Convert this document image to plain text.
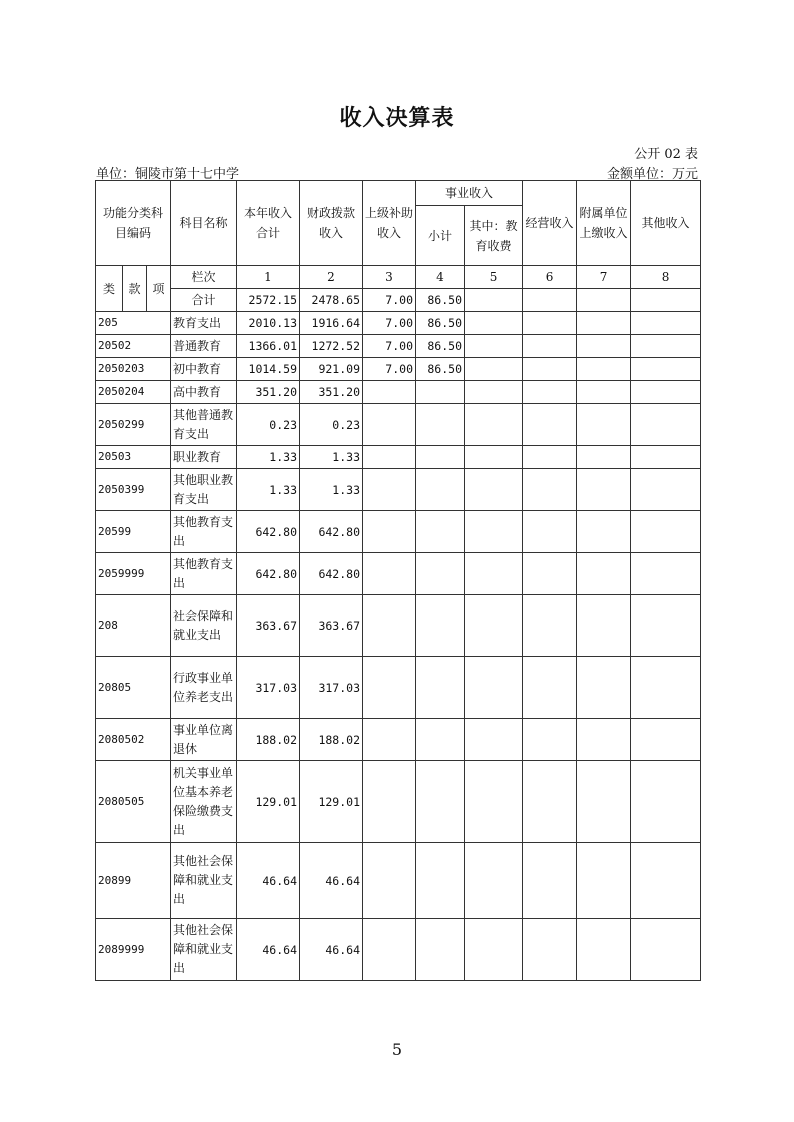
收入决算表
公开 02 表
单位：铜陵市第十七中学	金额单位：万元
功能分类科目编码			科目名称	本年收入合计	财政拨款收入	上级补助收入	事业收入		经营收入	附属单位上缴收入	其他收入
							小计	其中：教育收费			

类	款	项	栏次	1	2	3	4	5	6	7	8
			合计	2572.15	2478.65	7.00	86.50				
205			教育支出	2010.13	1916.64	7.00	86.50				
20502			普通教育	1366.01	1272.52	7.00	86.50				
2050203			初中教育	1014.59	921.09	7.00	86.50				
2050204			高中教育	351.20	351.20						
2050299			其他普通教育支出	0.23	0.23						
20503			职业教育	1.33	1.33						
2050399			其他职业教育支出	1.33	1.33						
20599			其他教育支出	642.80	642.80						
2059999			其他教育支出	642.80	642.80						
208			社会保障和就业支出	363.67	363.67						
20805			行政事业单位养老支出	317.03	317.03						
2080502			事业单位离退休	188.02	188.02						
2080505			机关事业单位基本养老保险缴费支出	129.01	129.01						
20899			其他社会保障和就业支出	46.64	46.64						
2089999			其他社会保障和就业支出	46.64	46.64						
5
